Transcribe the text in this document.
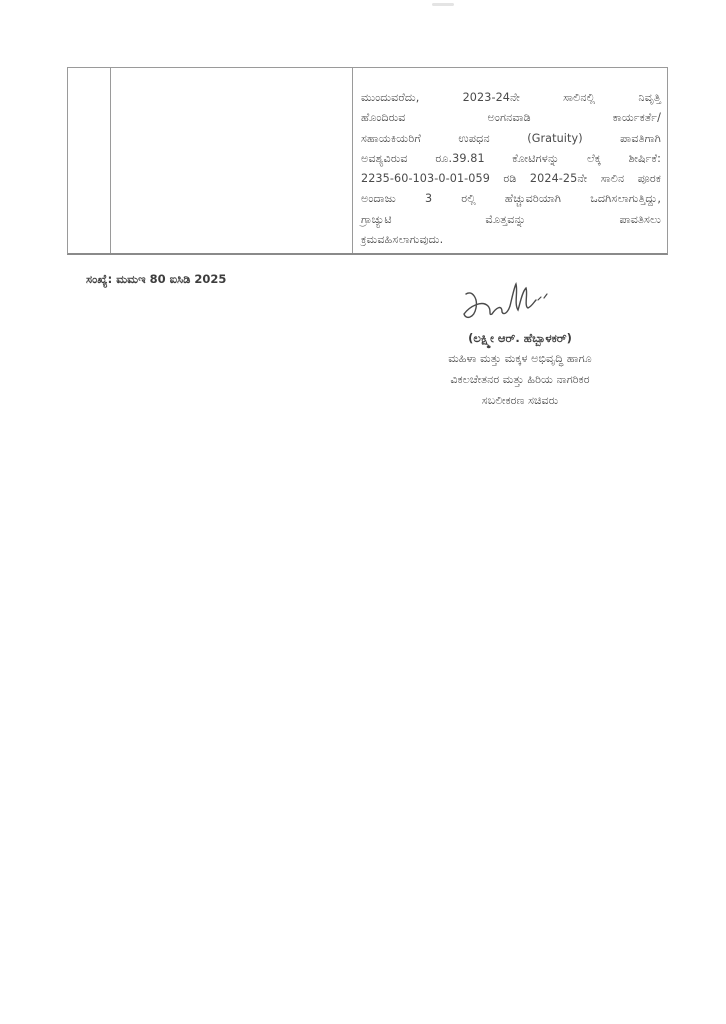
ಮುಂದುವರೆದು, 2023-24ನೇ ಸಾಲಿನಲ್ಲಿ ನಿವೃತ್ತಿ
ಹೊಂದಿರುವ ಅಂಗನವಾಡಿ ಕಾರ್ಯಕರ್ತೆ/
ಸಹಾಯಕಿಯರಿಗೆ ಉಪಧನ (Gratuity) ಪಾವತಿಗಾಗಿ
ಅವಶ್ಯವಿರುವ ರೂ.39.81 ಕೋಟಿಗಳನ್ನು ಲೆಕ್ಕ ಶೀರ್ಷಿಕೆ:
2235-60-103-0-01-059 ರಡಿ 2024-25ನೇ ಸಾಲಿನ ಪೂರಕ
ಅಂದಾಜು 3 ರಲ್ಲಿ ಹೆಚ್ಚುವರಿಯಾಗಿ ಒದಗಿಸಲಾಗುತ್ತಿದ್ದು,
ಗ್ರಾಚ್ಯುಟಿ ಮೊತ್ತವನ್ನು ಪಾವತಿಸಲು
ಕ್ರಮವಹಿಸಲಾಗುವುದು.

ಸಂಖ್ಯೆ: ಮಮಇ 80 ಐಸಿಡಿ 2025
(ಲಕ್ಷ್ಮೀ ಆರ್. ಹೆಬ್ಬಾಳಕರ್)
ಮಹಿಳಾ ಮತ್ತು ಮಕ್ಕಳ ಅಭಿವೃದ್ಧಿ ಹಾಗೂ
ವಿಕಲಚೇತನರ ಮತ್ತು ಹಿರಿಯ ನಾಗರಿಕರ
ಸಬಲೀಕರಣ ಸಚಿವರು
